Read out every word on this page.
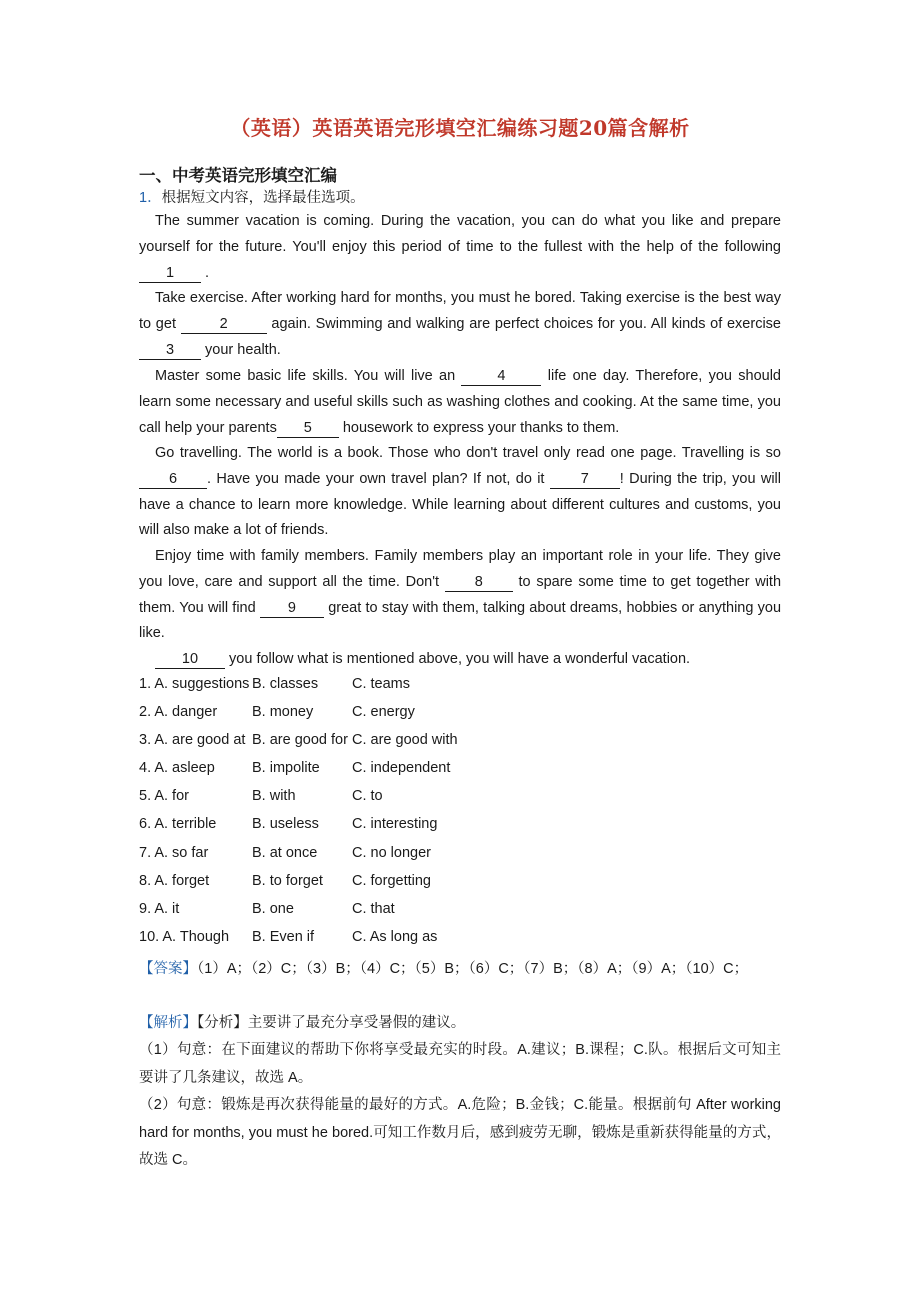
（英语）英语英语完形填空汇编练习题20篇含解析
一、中考英语完形填空汇编
1．根据短文内容，选择最佳选项。

The summer vacation is coming. During the vacation, you can do what you like and prepare yourself for the future. You'll enjoy this period of time to the fullest with the help of the following 1 .

Take exercise. After working hard for months, you must he bored. Taking exercise is the best way to get	2	again. Swimming and walking are perfect choices for you. All kinds of exercise 3 your health.

Master some basic life skills. You will live an	4	life one day. Therefore, you should learn some necessary and useful skills such as washing clothes and cooking. At the same time, you call help your parents 5 housework to express your thanks to them.

Go travelling. The world is a book. Those who don't travel only read one page. Travelling is so 6 . Have you made your own travel plan? If not, do it	7 ! During the trip, you will have a chance to learn more knowledge. While learning about different cultures and customs, you will also make a lot of friends.

Enjoy time with family members. Family members play an important role in your life. They give you love, care and support all the time. Don't 8 to spare some time to get together with them. You will find 9 great to stay with them, talking about dreams, hobbies or anything you like.

10 you follow what is mentioned above, you will have a wonderful vacation.

1. A. suggestions B. classes C. teams
2. A. danger B. money	C. energy
3. A. are good at B. are good for C. are good with
4. A. asleep	B. impolite C. independent
5. A. for	B. with	C. to
6. A. terrible B. useless C. interesting
7. A. so far	B. at once C. no longer
8. A. forget	B. to forget C. forgetting
9. A. it	B. one	C. that
10. A. Though B. Even if	C. As long as
【答案】（1）A；（2）C；（3）B；（4）C；（5）B；（6）C；（7）B；（8）A；（9）A；（10）C；
【解析】【分析】主要讲了最充分享受暑假的建议。
（1）句意：在下面建议的帮助下你将享受最充实的时段。A.建议；B.课程；C.队。根据后文可知主要讲了几条建议，故选 A。
（2）句意：锻炼是再次获得能量的最好的方式。A.危险；B.金钱；C.能量。根据前句 After working hard for months, you must he bored.可知工作数月后，感到疲劳无聊，锻炼是重新获得能量的方式，故选 C。
